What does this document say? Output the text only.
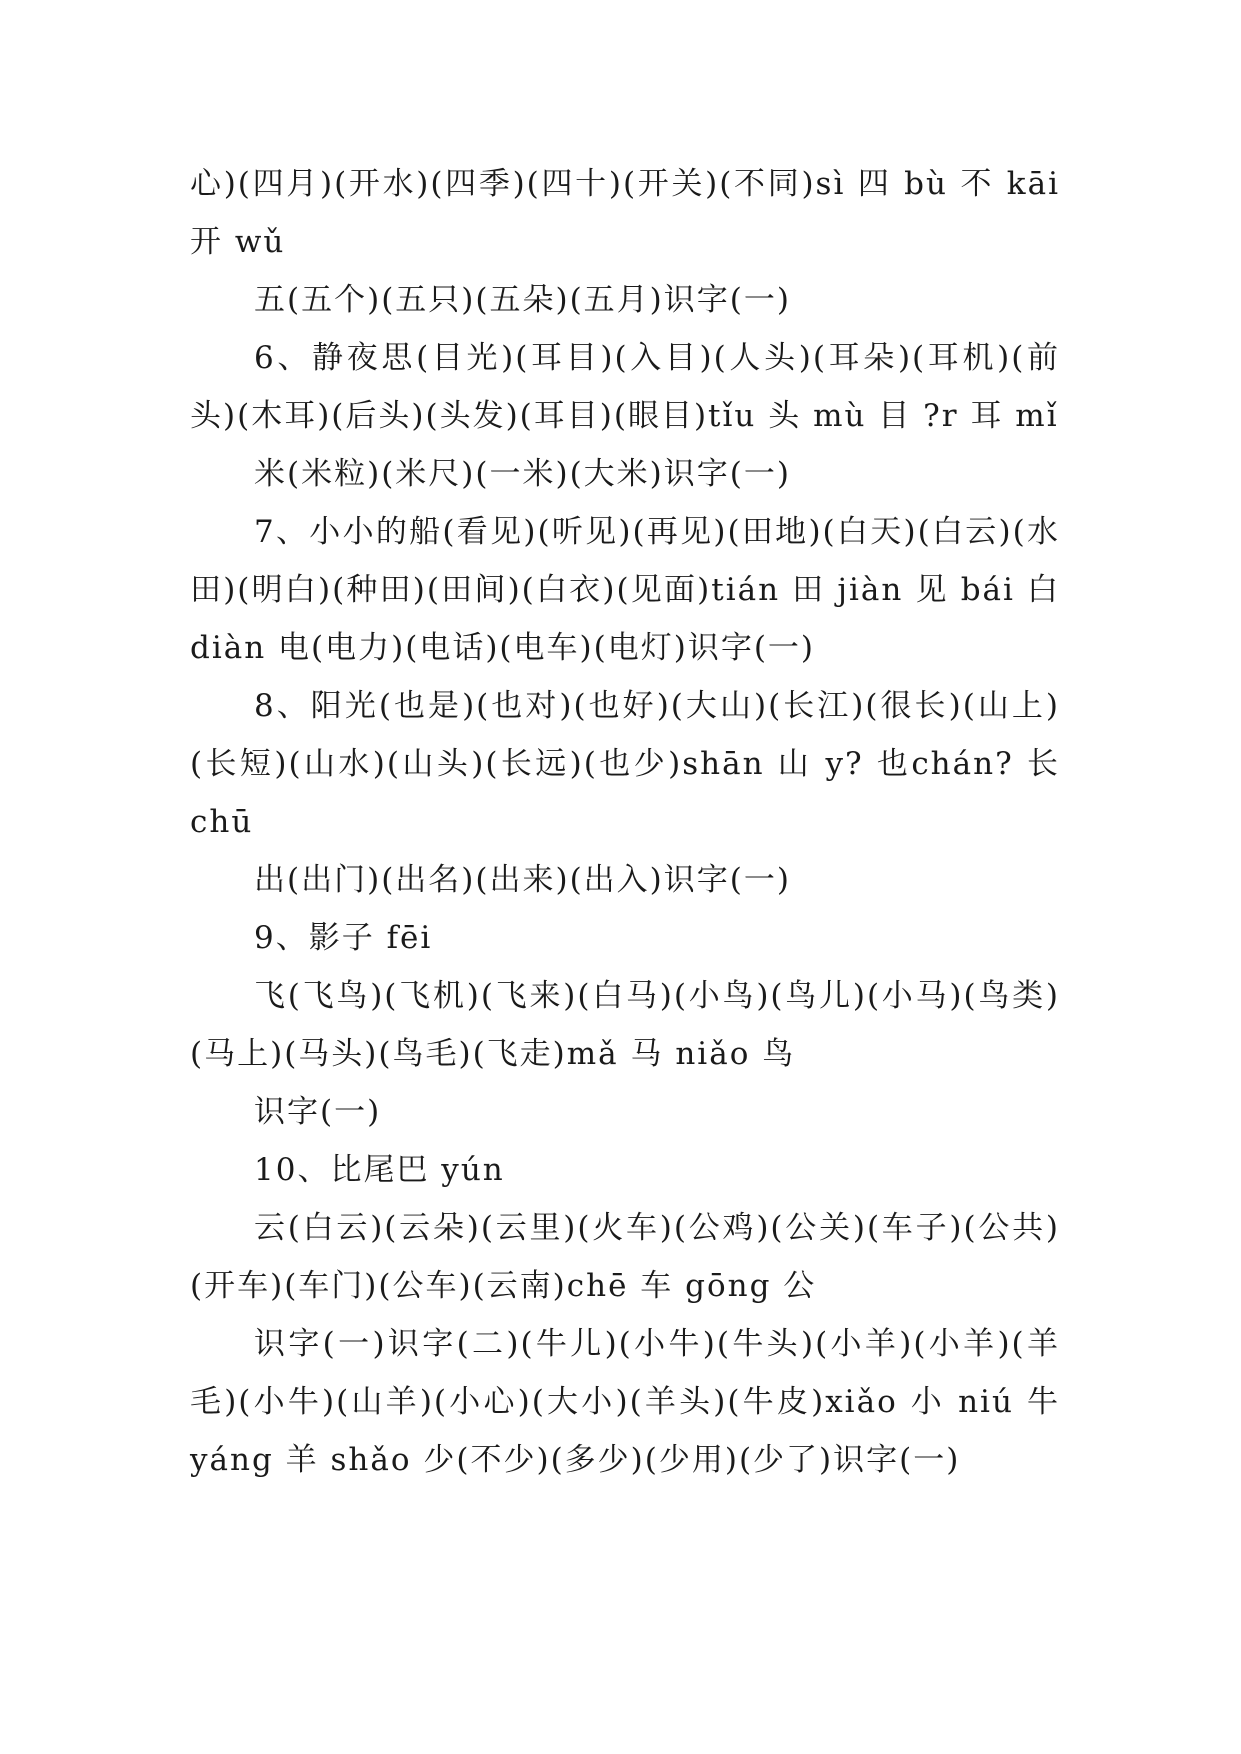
心)(四月)(开水)(四季)(四十)(开关)(不同)sì 四 bù 不 kāi 开 wǔ

五(五个)(五只)(五朵)(五月)识字(一)

6、静夜思(目光)(耳目)(入目)(人头)(耳朵)(耳机)(前头)(木耳)(后头)(头发)(耳目)(眼目)tǐu 头 mù 目 ?r 耳 mǐ

米(米粒)(米尺)(一米)(大米)识字(一)

7、小小的船(看见)(听见)(再见)(田地)(白天)(白云)(水田)(明白)(种田)(田间)(白衣)(见面)tián 田 jiàn 见 bái 白 diàn 电(电力)(电话)(电车)(电灯)识字(一)

8、阳光(也是)(也对)(也好)(大山)(长江)(很长)(山上)(长短)(山水)(山头)(长远)(也少)shān 山 y? 也chán? 长 chū

出(出门)(出名)(出来)(出入)识字(一)

9、影子 fēi

飞(飞鸟)(飞机)(飞来)(白马)(小鸟)(鸟儿)(小马)(鸟类)(马上)(马头)(鸟毛)(飞走)mǎ 马 niǎo 鸟

识字(一)

10、比尾巴 yún

云(白云)(云朵)(云里)(火车)(公鸡)(公关)(车子)(公共)(开车)(车门)(公车)(云南)chē 车 gōng 公

识字(一)识字(二)(牛儿)(小牛)(牛头)(小羊)(小羊)(羊毛)(小牛)(山羊)(小心)(大小)(羊头)(牛皮)xiǎo 小 niú 牛 yáng 羊 shǎo 少(不少)(多少)(少用)(少了)识字(一)
